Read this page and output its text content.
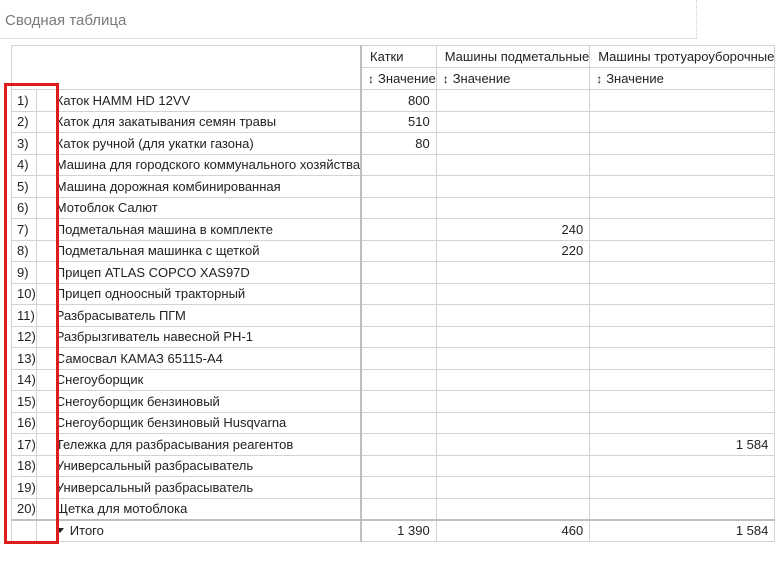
Сводная таблица
		Катки	Машины подметальные	Машины тротуароуборочные
		↕ Значение	↕ Значение	↕ Значение
1)	Каток HAMM HD 12VV	800		
2)	Каток для закатывания семян травы	510		
3)	Каток ручной (для укатки газона)	80		
4)	Машина для городского коммунального хозяйства			
5)	Машина дорожная комбинированная			
6)	Мотоблок Салют			
7)	Подметальная машина в комплекте		240	
8)	Подметальная машинка с щеткой		220	
9)	Прицеп ATLAS COPCO XAS97D			
10)	Прицеп одноосный тракторный			
11)	Разбрасыватель ПГМ			
12)	Разбрызгиватель навесной РН-1			
13)	Самосвал КАМАЗ 65115-А4			
14)	Снегоуборщик			
15)	Снегоуборщик бензиновый			
16)	Снегоуборщик бензиновый Husqvarna			
17)	Тележка для разбрасывания реагентов			1 584
18)	Универсальный разбрасыватель			
19)	Универсальный разбрасыватель			
20)	Щетка для мотоблока			
	Итого	1 390	460	1 584
